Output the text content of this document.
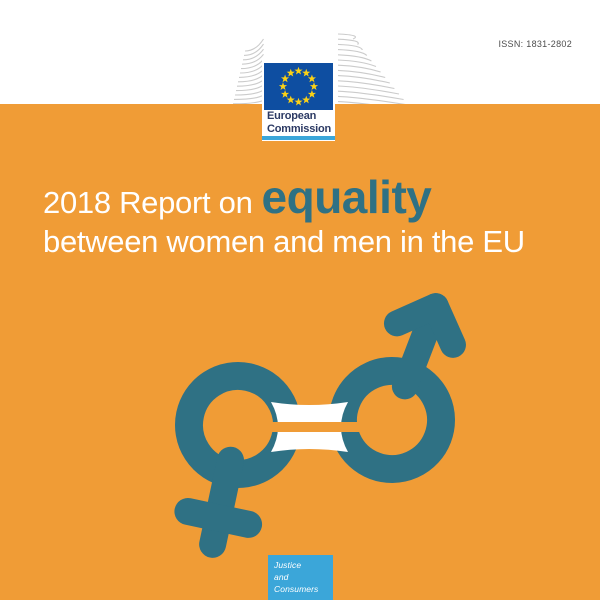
ISSN: 1831-2802
European
Commission
2018 Report on equality
between women and men in the EU
Justice
and Consumers
